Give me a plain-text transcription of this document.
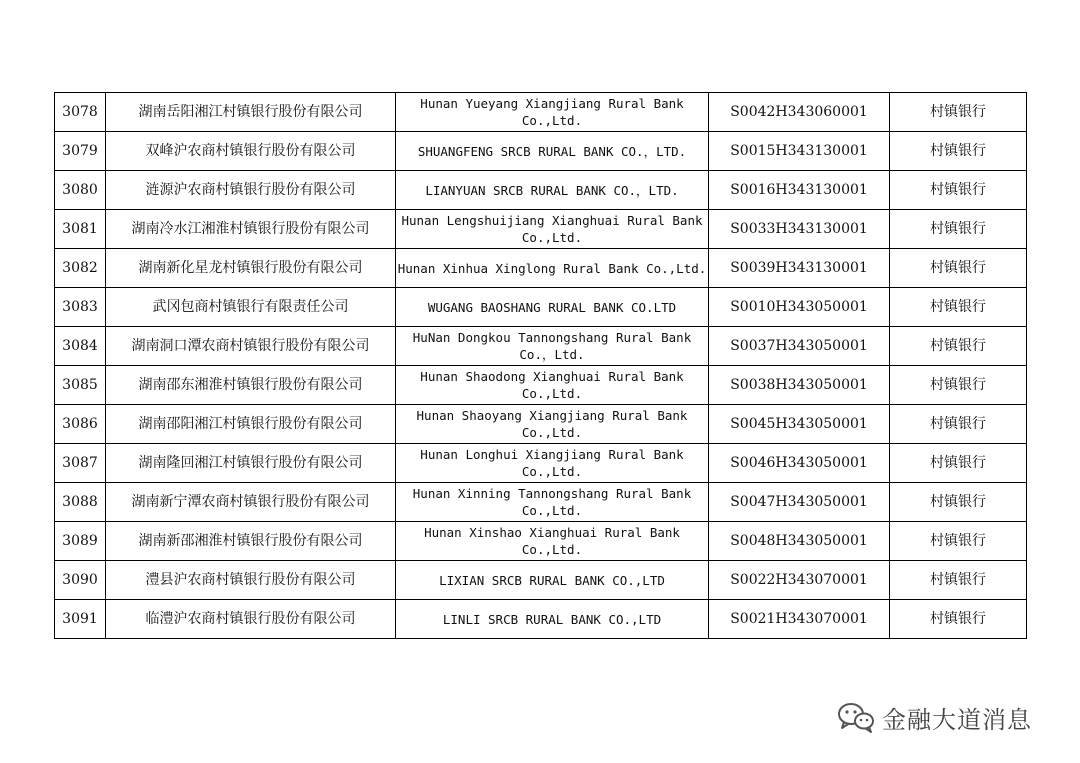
3078	湖南岳阳湘江村镇银行股份有限公司	Hunan Yueyang Xiangjiang Rural Bank Co.,Ltd.	S0042H343060001	村镇银行
3079	双峰沪农商村镇银行股份有限公司	SHUANGFENG SRCB RURAL BANK CO.，LTD.	S0015H343130001	村镇银行
3080	涟源沪农商村镇银行股份有限公司	LIANYUAN SRCB RURAL BANK CO.，LTD.	S0016H343130001	村镇银行
3081	湖南冷水江湘淮村镇银行股份有限公司	Hunan Lengshuijiang Xianghuai Rural Bank Co.,Ltd.	S0033H343130001	村镇银行
3082	湖南新化星龙村镇银行股份有限公司	Hunan Xinhua Xinglong Rural Bank Co.,Ltd.	S0039H343130001	村镇银行
3083	武冈包商村镇银行有限责任公司	WUGANG BAOSHANG RURAL BANK CO.LTD	S0010H343050001	村镇银行
3084	湖南洞口潭农商村镇银行股份有限公司	HuNan Dongkou Tannongshang Rural Bank Co.，Ltd.	S0037H343050001	村镇银行
3085	湖南邵东湘淮村镇银行股份有限公司	Hunan Shaodong Xianghuai Rural Bank Co.,Ltd.	S0038H343050001	村镇银行
3086	湖南邵阳湘江村镇银行股份有限公司	Hunan Shaoyang Xiangjiang Rural Bank Co.,Ltd.	S0045H343050001	村镇银行
3087	湖南隆回湘江村镇银行股份有限公司	Hunan Longhui Xiangjiang Rural Bank Co.,Ltd.	S0046H343050001	村镇银行
3088	湖南新宁潭农商村镇银行股份有限公司	Hunan Xinning Tannongshang Rural Bank Co.,Ltd.	S0047H343050001	村镇银行
3089	湖南新邵湘淮村镇银行股份有限公司	Hunan Xinshao Xianghuai Rural Bank Co.,Ltd.	S0048H343050001	村镇银行
3090	澧县沪农商村镇银行股份有限公司	LIXIAN SRCB RURAL BANK CO.,LTD	S0022H343070001	村镇银行
3091	临澧沪农商村镇银行股份有限公司	LINLI SRCB RURAL BANK CO.,LTD	S0021H343070001	村镇银行
金融大道消息
